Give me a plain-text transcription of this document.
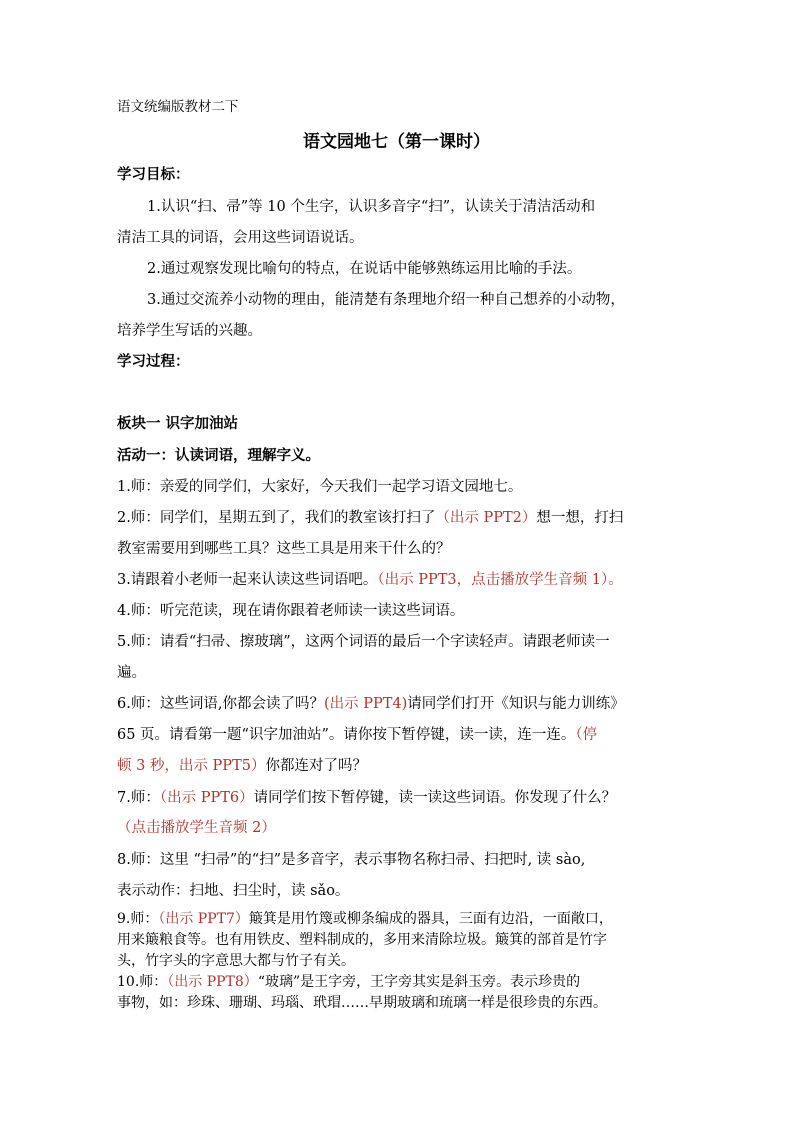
语文统编版教材二下
语文园地七（第一课时）
学习目标：
1.认识“扫、帚”等 10 个生字，认识多音字“扫”，认读关于清洁活动和
清洁工具的词语，会用这些词语说话。
2.通过观察发现比喻句的特点，在说话中能够熟练运用比喻的手法。
3.通过交流养小动物的理由，能清楚有条理地介绍一种自己想养的小动物，
培养学生写话的兴趣。
学习过程：
板块一 识字加油站
活动一：认读词语，理解字义。
1.师：亲爱的同学们，大家好，今天我们一起学习语文园地七。
2.师：同学们，星期五到了，我们的教室该打扫了（出示 PPT2）想一想，打扫
教室需要用到哪些工具？这些工具是用来干什么的？
3.请跟着小老师一起来认读这些词语吧。（出示 PPT3，点击播放学生音频 1）。
4.师：听完范读，现在请你跟着老师读一读这些词语。
5.师：请看“扫帚、擦玻璃”，这两个词语的最后一个字读轻声。请跟老师读一
遍。
6.师：这些词语,你都会读了吗？(出示 PPT4)请同学们打开《知识与能力训练》
65 页。请看第一题“识字加油站”。请你按下暂停键，读一读，连一连。（停
顿 3 秒，出示 PPT5）你都连对了吗？
7.师：（出示 PPT6）请同学们按下暂停键，读一读这些词语。你发现了什么？
（点击播放学生音频 2）
8.师：这里 “扫帚”的“扫”是多音字，表示事物名称扫帚、扫把时, 读 sào,
表示动作：扫地、扫尘时，读 sǎo。
9.师：（出示 PPT7）簸箕是用竹篾或柳条编成的器具，三面有边沿，一面敞口，
用来簸粮食等。也有用铁皮、塑料制成的，多用来清除垃圾。簸箕的部首是竹字
头，竹字头的字意思大都与竹子有关。
10.师：（出示 PPT8）“玻璃”是王字旁，王字旁其实是斜玉旁。表示珍贵的
事物，如：珍珠、珊瑚、玛瑙、玳瑁……早期玻璃和琉璃一样是很珍贵的东西。
